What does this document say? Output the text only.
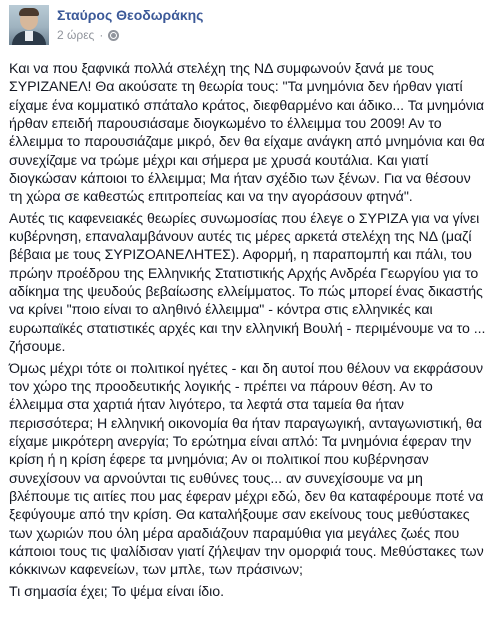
Σταύρος Θεοδωράκης
2 ώρες ·

Και να που ξαφνικά πολλά στελέχη της ΝΔ συμφωνούν ξανά με τους ΣΥΡΙΖΑΝΕΛ! Θα ακούσατε τη θεωρία τους: "Τα μνημόνια δεν ήρθαν γιατί είχαμε ένα κομματικό σπάταλο κράτος, διεφθαρμένο και άδικο... Τα μνημόνια ήρθαν επειδή παρουσιάσαμε διογκωμένο το έλλειμμα του 2009! Αν το έλλειμμα το παρουσιάζαμε μικρό, δεν θα είχαμε ανάγκη από μνημόνια και θα συνεχίζαμε να τρώμε μέχρι και σήμερα με χρυσά κουτάλια. Και γιατί διογκώσαν κάποιοι το έλλειμμα; Μα ήταν σχέδιο των ξένων. Για να θέσουν τη χώρα σε καθεστώς επιτροπείας και να την αγοράσουν φτηνά".

Αυτές τις καφενειακές θεωρίες συνωμοσίας που έλεγε ο ΣΥΡΙΖΑ για να γίνει κυβέρνηση, επαναλαμβάνουν αυτές τις μέρες αρκετά στελέχη της ΝΔ (μαζί βέβαια με τους ΣΥΡΙΖΟΑΝΕΛΗΤΕΣ). Αφορμή, η παραπομπή και πάλι, του πρώην προέδρου της Ελληνικής Στατιστικής Αρχής Ανδρέα Γεωργίου για το αδίκημα της ψευδούς βεβαίωσης ελλείμματος. Το πώς μπορεί ένας δικαστής να κρίνει "ποιο είναι το αληθινό έλλειμμα" - κόντρα στις ελληνικές και ευρωπαϊκές στατιστικές αρχές και την ελληνική Βουλή - περιμένουμε να το ... ζήσουμε.

Όμως μέχρι τότε οι πολιτικοί ηγέτες - και δη αυτοί που θέλουν να εκφράσουν τον χώρο της προοδευτικής λογικής - πρέπει να πάρουν θέση. Αν το έλλειμμα στα χαρτιά ήταν λιγότερο, τα λεφτά στα ταμεία θα ήταν περισσότερα; Η ελληνική οικονομία θα ήταν παραγωγική, ανταγωνιστική, θα είχαμε μικρότερη ανεργία; Το ερώτημα είναι απλό: Τα μνημόνια έφεραν την κρίση ή η κρίση έφερε τα μνημόνια; Αν οι πολιτικοί που κυβέρνησαν συνεχίσουν να αρνούνται τις ευθύνες τους... αν συνεχίσουμε να μη βλέπουμε τις αιτίες που μας έφεραν μέχρι εδώ, δεν θα καταφέρουμε ποτέ να ξεφύγουμε από την κρίση. Θα καταλήξουμε σαν εκείνους τους μεθύστακες των χωριών που όλη μέρα αραδιάζουν παραμύθια για μεγάλες ζωές που κάποιοι τους τις ψαλίδισαν γιατί ζήλεψαν την ομορφιά τους. Μεθύστακες των κόκκινων καφενείων, των μπλε, των πράσινων;

Τι σημασία έχει; Το ψέμα είναι ίδιο.
